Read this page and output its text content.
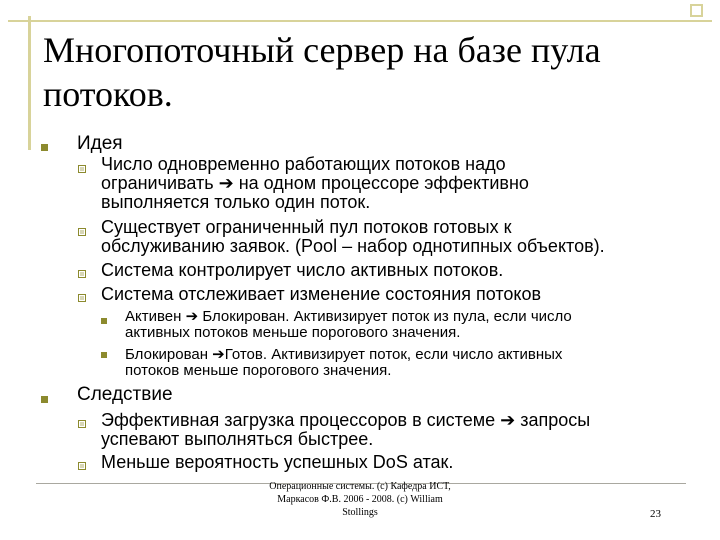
Многопоточный сервер на базе пула потоков.
Идея
Число одновременно работающих потоков надо
ограничивать ➔ на одном процессоре эффективно
выполняется только один поток.
Существует ограниченный пул потоков готовых к
обслуживанию заявок. (Pool – набор однотипных объектов).
Система контролирует число активных потоков.
Система отслеживает изменение состояния потоков
Активен ➔ Блокирован. Активизирует поток из пула, если число
активных потоков меньше порогового значения.
Блокирован ➔Готов. Активизирует поток, если число активных
потоков меньше порогового значения.
Следствие
Эффективная загрузка процессоров в системе ➔ запросы
успевают выполняться быстрее.
Меньше вероятность успешных DoS атак.
Операционные системы. (c) Кафедра ИСТ,
Маркасов Ф.В. 2006 - 2008. (c) William
Stollings	23
